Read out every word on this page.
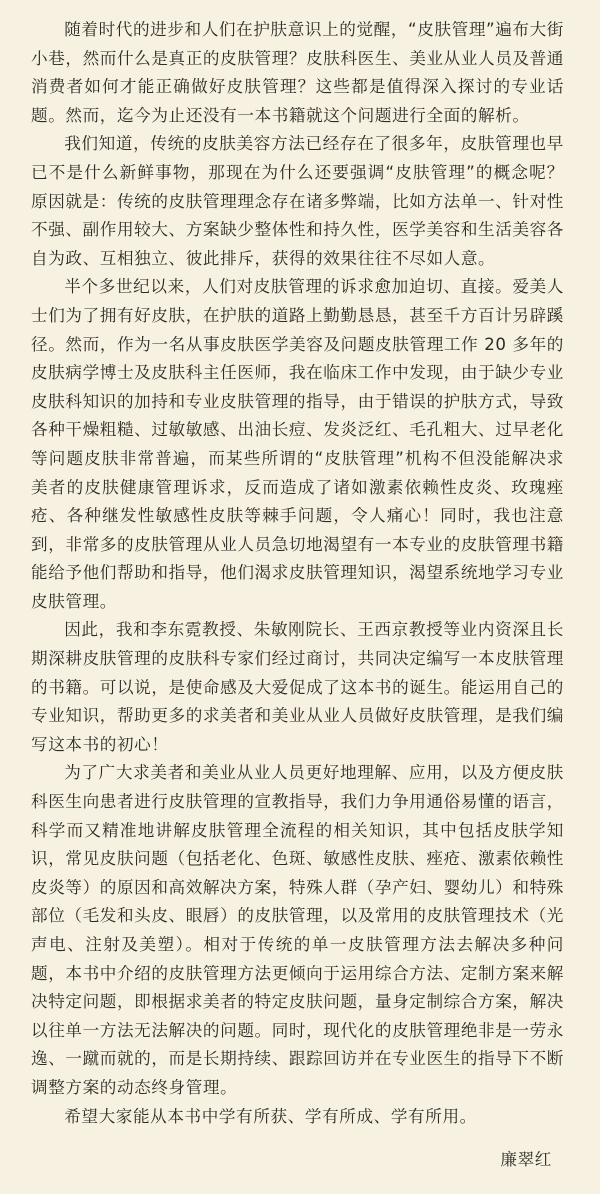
随着时代的进步和人们在护肤意识上的觉醒，“皮肤管理”遍布大街小巷，然而什么是真正的皮肤管理？皮肤科医生、美业从业人员及普通消费者如何才能正确做好皮肤管理？这些都是值得深入探讨的专业话题。然而，迄今为止还没有一本书籍就这个问题进行全面的解析。

我们知道，传统的皮肤美容方法已经存在了很多年，皮肤管理也早已不是什么新鲜事物，那现在为什么还要强调“皮肤管理”的概念呢？原因就是：传统的皮肤管理理念存在诸多弊端，比如方法单一、针对性不强、副作用较大、方案缺少整体性和持久性，医学美容和生活美容各自为政、互相独立、彼此排斥，获得的效果往往不尽如人意。

半个多世纪以来，人们对皮肤管理的诉求愈加迫切、直接。爱美人士们为了拥有好皮肤，在护肤的道路上勤勤恳恳，甚至千方百计另辟蹊径。然而，作为一名从事皮肤医学美容及问题皮肤管理工作 20 多年的皮肤病学博士及皮肤科主任医师，我在临床工作中发现，由于缺少专业皮肤科知识的加持和专业皮肤管理的指导，由于错误的护肤方式，导致各种干燥粗糙、过敏敏感、出油长痘、发炎泛红、毛孔粗大、过早老化等问题皮肤非常普遍，而某些所谓的“皮肤管理”机构不但没能解决求美者的皮肤健康管理诉求，反而造成了诸如激素依赖性皮炎、玫瑰痤疮、各种继发性敏感性皮肤等棘手问题，令人痛心！同时，我也注意到，非常多的皮肤管理从业人员急切地渴望有一本专业的皮肤管理书籍能给予他们帮助和指导，他们渴求皮肤管理知识，渴望系统地学习专业皮肤管理。

因此，我和李东霓教授、朱敏刚院长、王西京教授等业内资深且长期深耕皮肤管理的皮肤科专家们经过商讨，共同决定编写一本皮肤管理的书籍。可以说，是使命感及大爱促成了这本书的诞生。能运用自己的专业知识，帮助更多的求美者和美业从业人员做好皮肤管理，是我们编写这本书的初心！

为了广大求美者和美业从业人员更好地理解、应用，以及方便皮肤科医生向患者进行皮肤管理的宣教指导，我们力争用通俗易懂的语言，科学而又精准地讲解皮肤管理全流程的相关知识，其中包括皮肤学知识，常见皮肤问题（包括老化、色斑、敏感性皮肤、痤疮、激素依赖性皮炎等）的原因和高效解决方案，特殊人群（孕产妇、婴幼儿）和特殊部位（毛发和头皮、眼唇）的皮肤管理，以及常用的皮肤管理技术（光声电、注射及美塑）。相对于传统的单一皮肤管理方法去解决多种问题，本书中介绍的皮肤管理方法更倾向于运用综合方法、定制方案来解决特定问题，即根据求美者的特定皮肤问题，量身定制综合方案，解决以往单一方法无法解决的问题。同时，现代化的皮肤管理绝非是一劳永逸、一蹴而就的，而是长期持续、跟踪回访并在专业医生的指导下不断调整方案的动态终身管理。

希望大家能从本书中学有所获、学有所成、学有所用。

廉翠红
